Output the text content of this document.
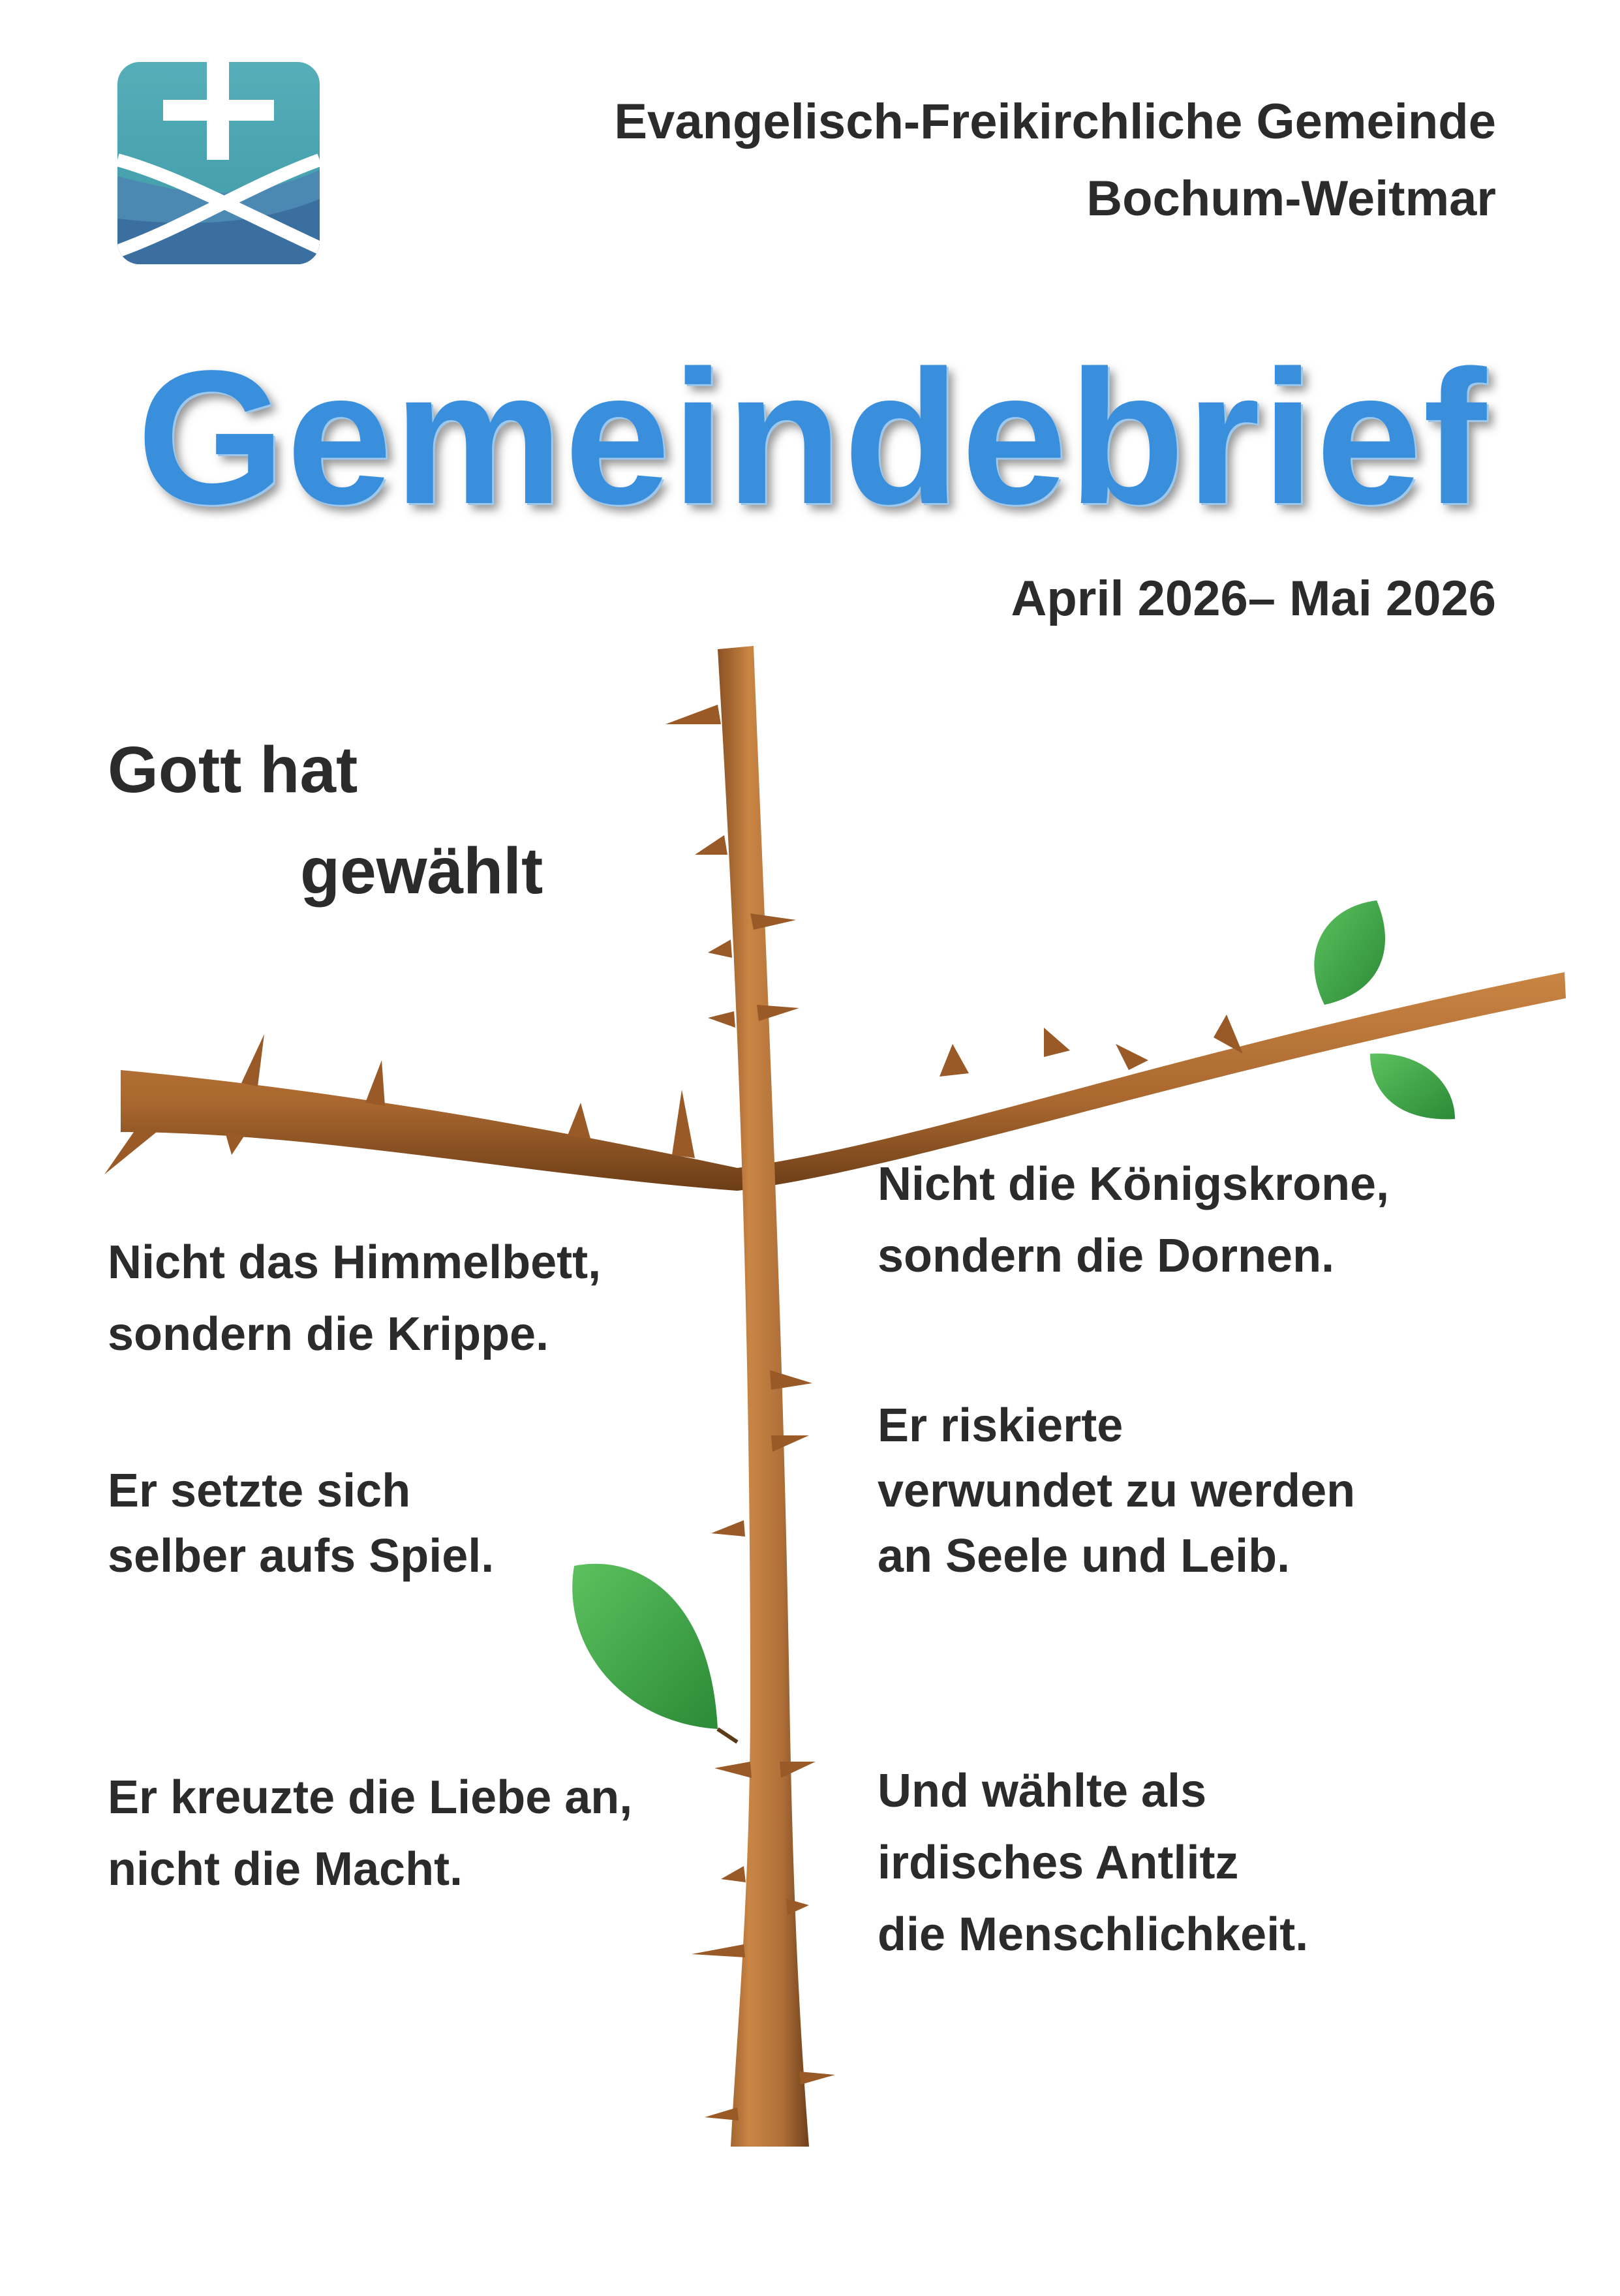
Evangelisch-Freikirchliche Gemeinde
Bochum-Weitmar
Gemeindebrief
April 2026– Mai 2026
Gott hat
gewählt
Nicht das Himmelbett,
sondern die Krippe.
Er setzte sich
selber aufs Spiel.
Er kreuzte die Liebe an,
nicht die Macht.
Nicht die Königskrone,
sondern die Dornen.
Er riskierte
verwundet zu werden
an Seele und Leib.
Und wählte als
irdisches Antlitz
die Menschlichkeit.
